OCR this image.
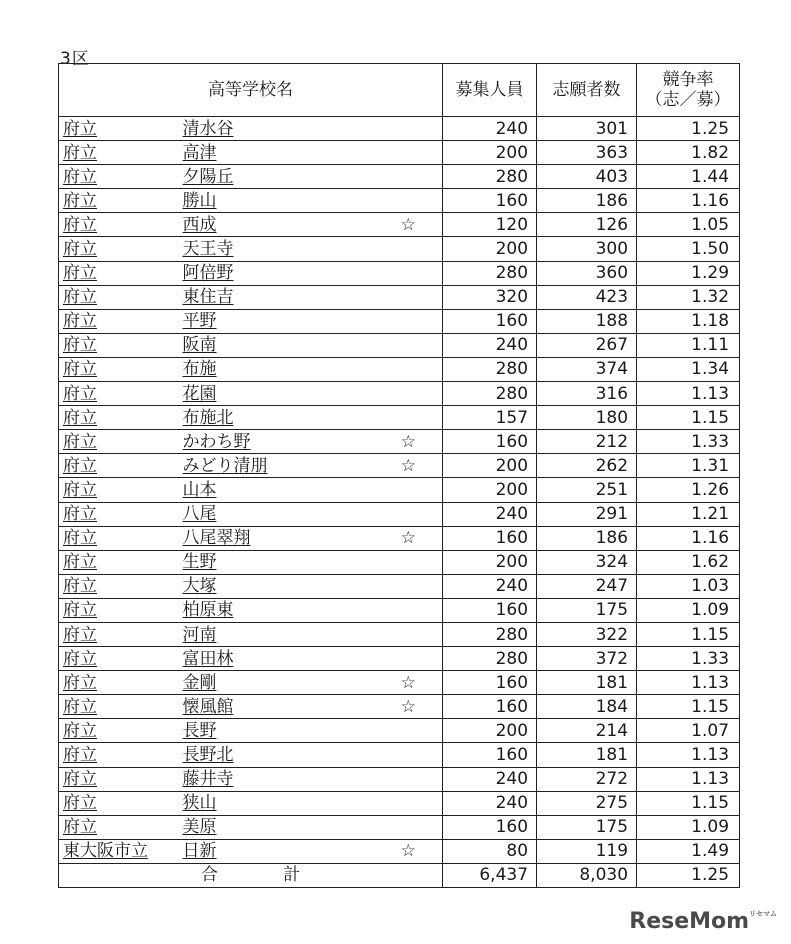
3区
高等学校名			募集人員	志願者数	競争率
（志／募）

府立	清水谷		240	301	1.25
府立	高津		200	363	1.82
府立	夕陽丘		280	403	1.44
府立	勝山		160	186	1.16
府立	西成	☆	120	126	1.05
府立	天王寺		200	300	1.50
府立	阿倍野		280	360	1.29
府立	東住吉		320	423	1.32
府立	平野		160	188	1.18
府立	阪南		240	267	1.11
府立	布施		280	374	1.34
府立	花園		280	316	1.13
府立	布施北		157	180	1.15
府立	かわち野	☆	160	212	1.33
府立	みどり清朋	☆	200	262	1.31
府立	山本		200	251	1.26
府立	八尾		240	291	1.21
府立	八尾翠翔	☆	160	186	1.16
府立	生野		200	324	1.62
府立	大塚		240	247	1.03
府立	柏原東		160	175	1.09
府立	河南		280	322	1.15
府立	富田林		280	372	1.33
府立	金剛	☆	160	181	1.13
府立	懐風館	☆	160	184	1.15
府立	長野		200	214	1.07
府立	長野北		160	181	1.13
府立	藤井寺		240	272	1.13
府立	狭山		240	275	1.15
府立	美原		160	175	1.09
東大阪市立	日新	☆	80	119	1.49
合 計			6,437	8,030	1.25
ReseMom$^{リセマム}$
